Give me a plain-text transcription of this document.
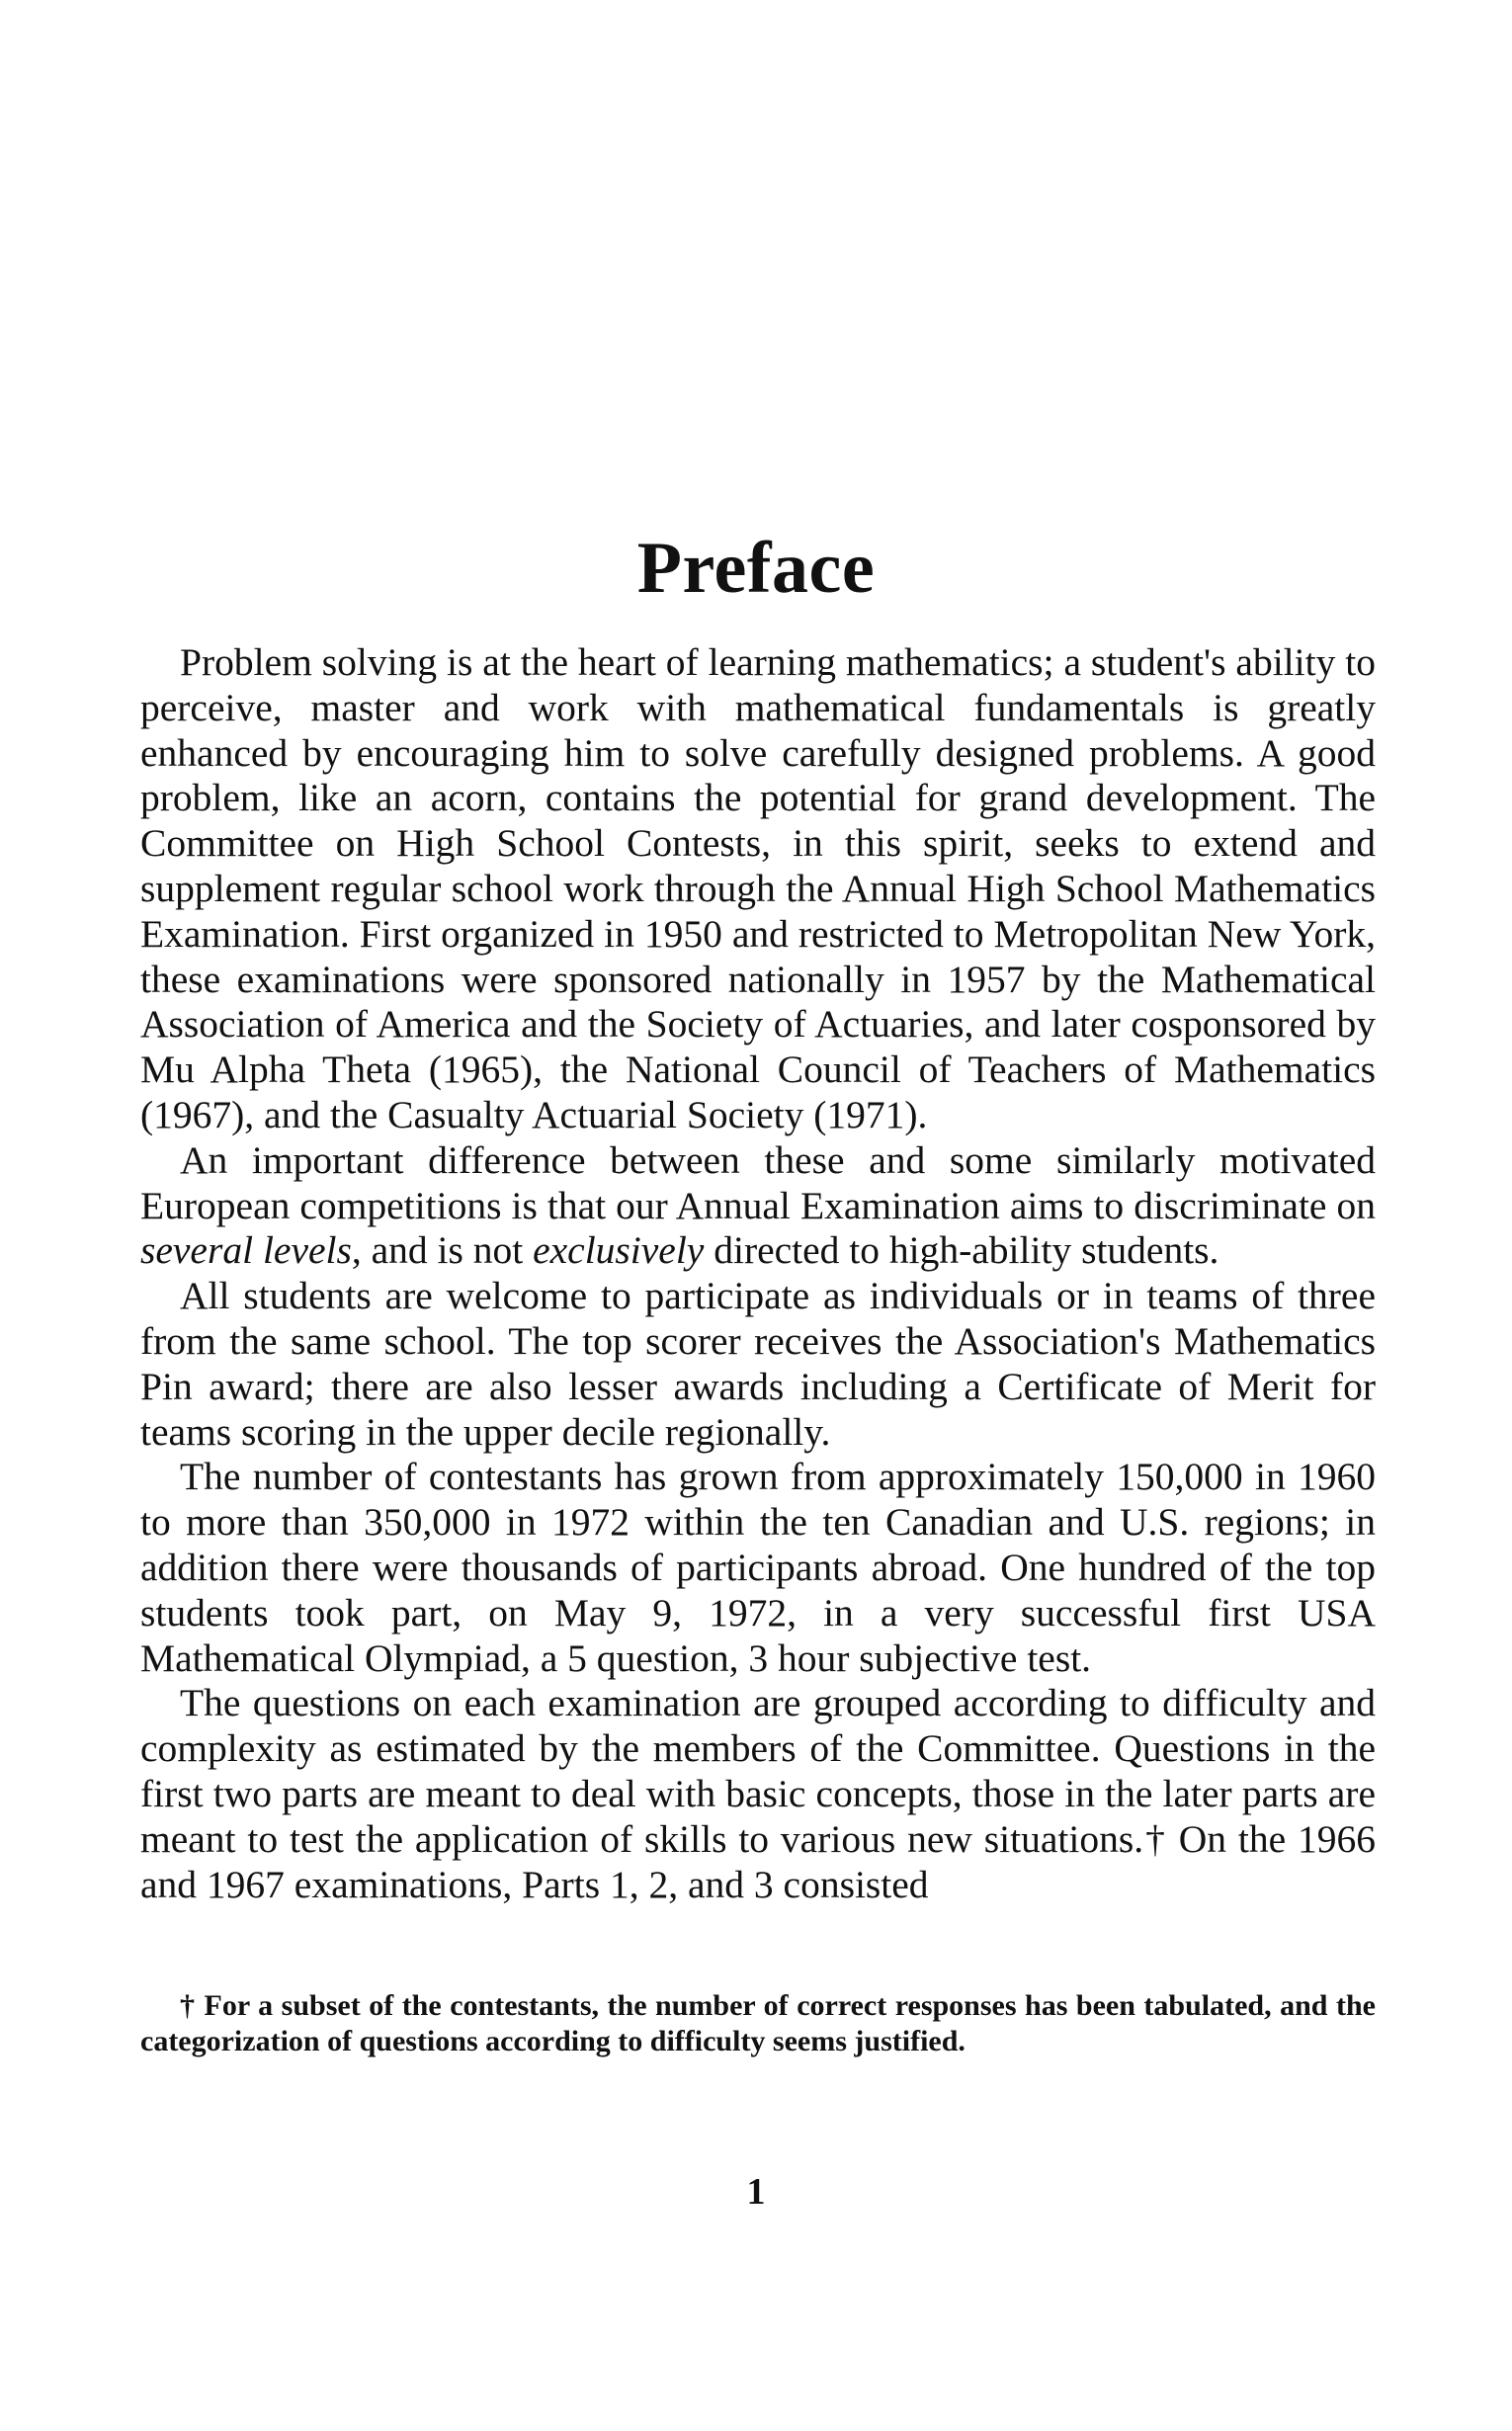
Preface

Problem solving is at the heart of learning mathematics; a student's ability to perceive, master and work with mathematical fundamentals is greatly enhanced by encouraging him to solve carefully designed problems. A good problem, like an acorn, contains the potential for grand development. The Committee on High School Contests, in this spirit, seeks to extend and supplement regular school work through the Annual High School Mathematics Examination. First organized in 1950 and restricted to Metropolitan New York, these examinations were sponsored nationally in 1957 by the Mathematical Association of America and the Society of Actuaries, and later cosponsored by Mu Alpha Theta (1965), the National Council of Teachers of Mathematics (1967), and the Casualty Actuarial Society (1971).

An important difference between these and some similarly motivated European competitions is that our Annual Examination aims to discriminate on several levels, and is not exclusively directed to high-ability students.

All students are welcome to participate as individuals or in teams of three from the same school. The top scorer receives the Association's Mathematics Pin award; there are also lesser awards including a Certificate of Merit for teams scoring in the upper decile regionally.

The number of contestants has grown from approximately 150,000 in 1960 to more than 350,000 in 1972 within the ten Canadian and U.S. regions; in addition there were thousands of participants abroad. One hundred of the top students took part, on May 9, 1972, in a very successful first USA Mathematical Olympiad, a 5 question, 3 hour subjective test.

The questions on each examination are grouped according to difficulty and complexity as estimated by the members of the Committee. Questions in the first two parts are meant to deal with basic concepts, those in the later parts are meant to test the application of skills to various new situations.† On the 1966 and 1967 examinations, Parts 1, 2, and 3 consisted

† For a subset of the contestants, the number of correct responses has been tabulated, and the categorization of questions according to difficulty seems justified.

1
